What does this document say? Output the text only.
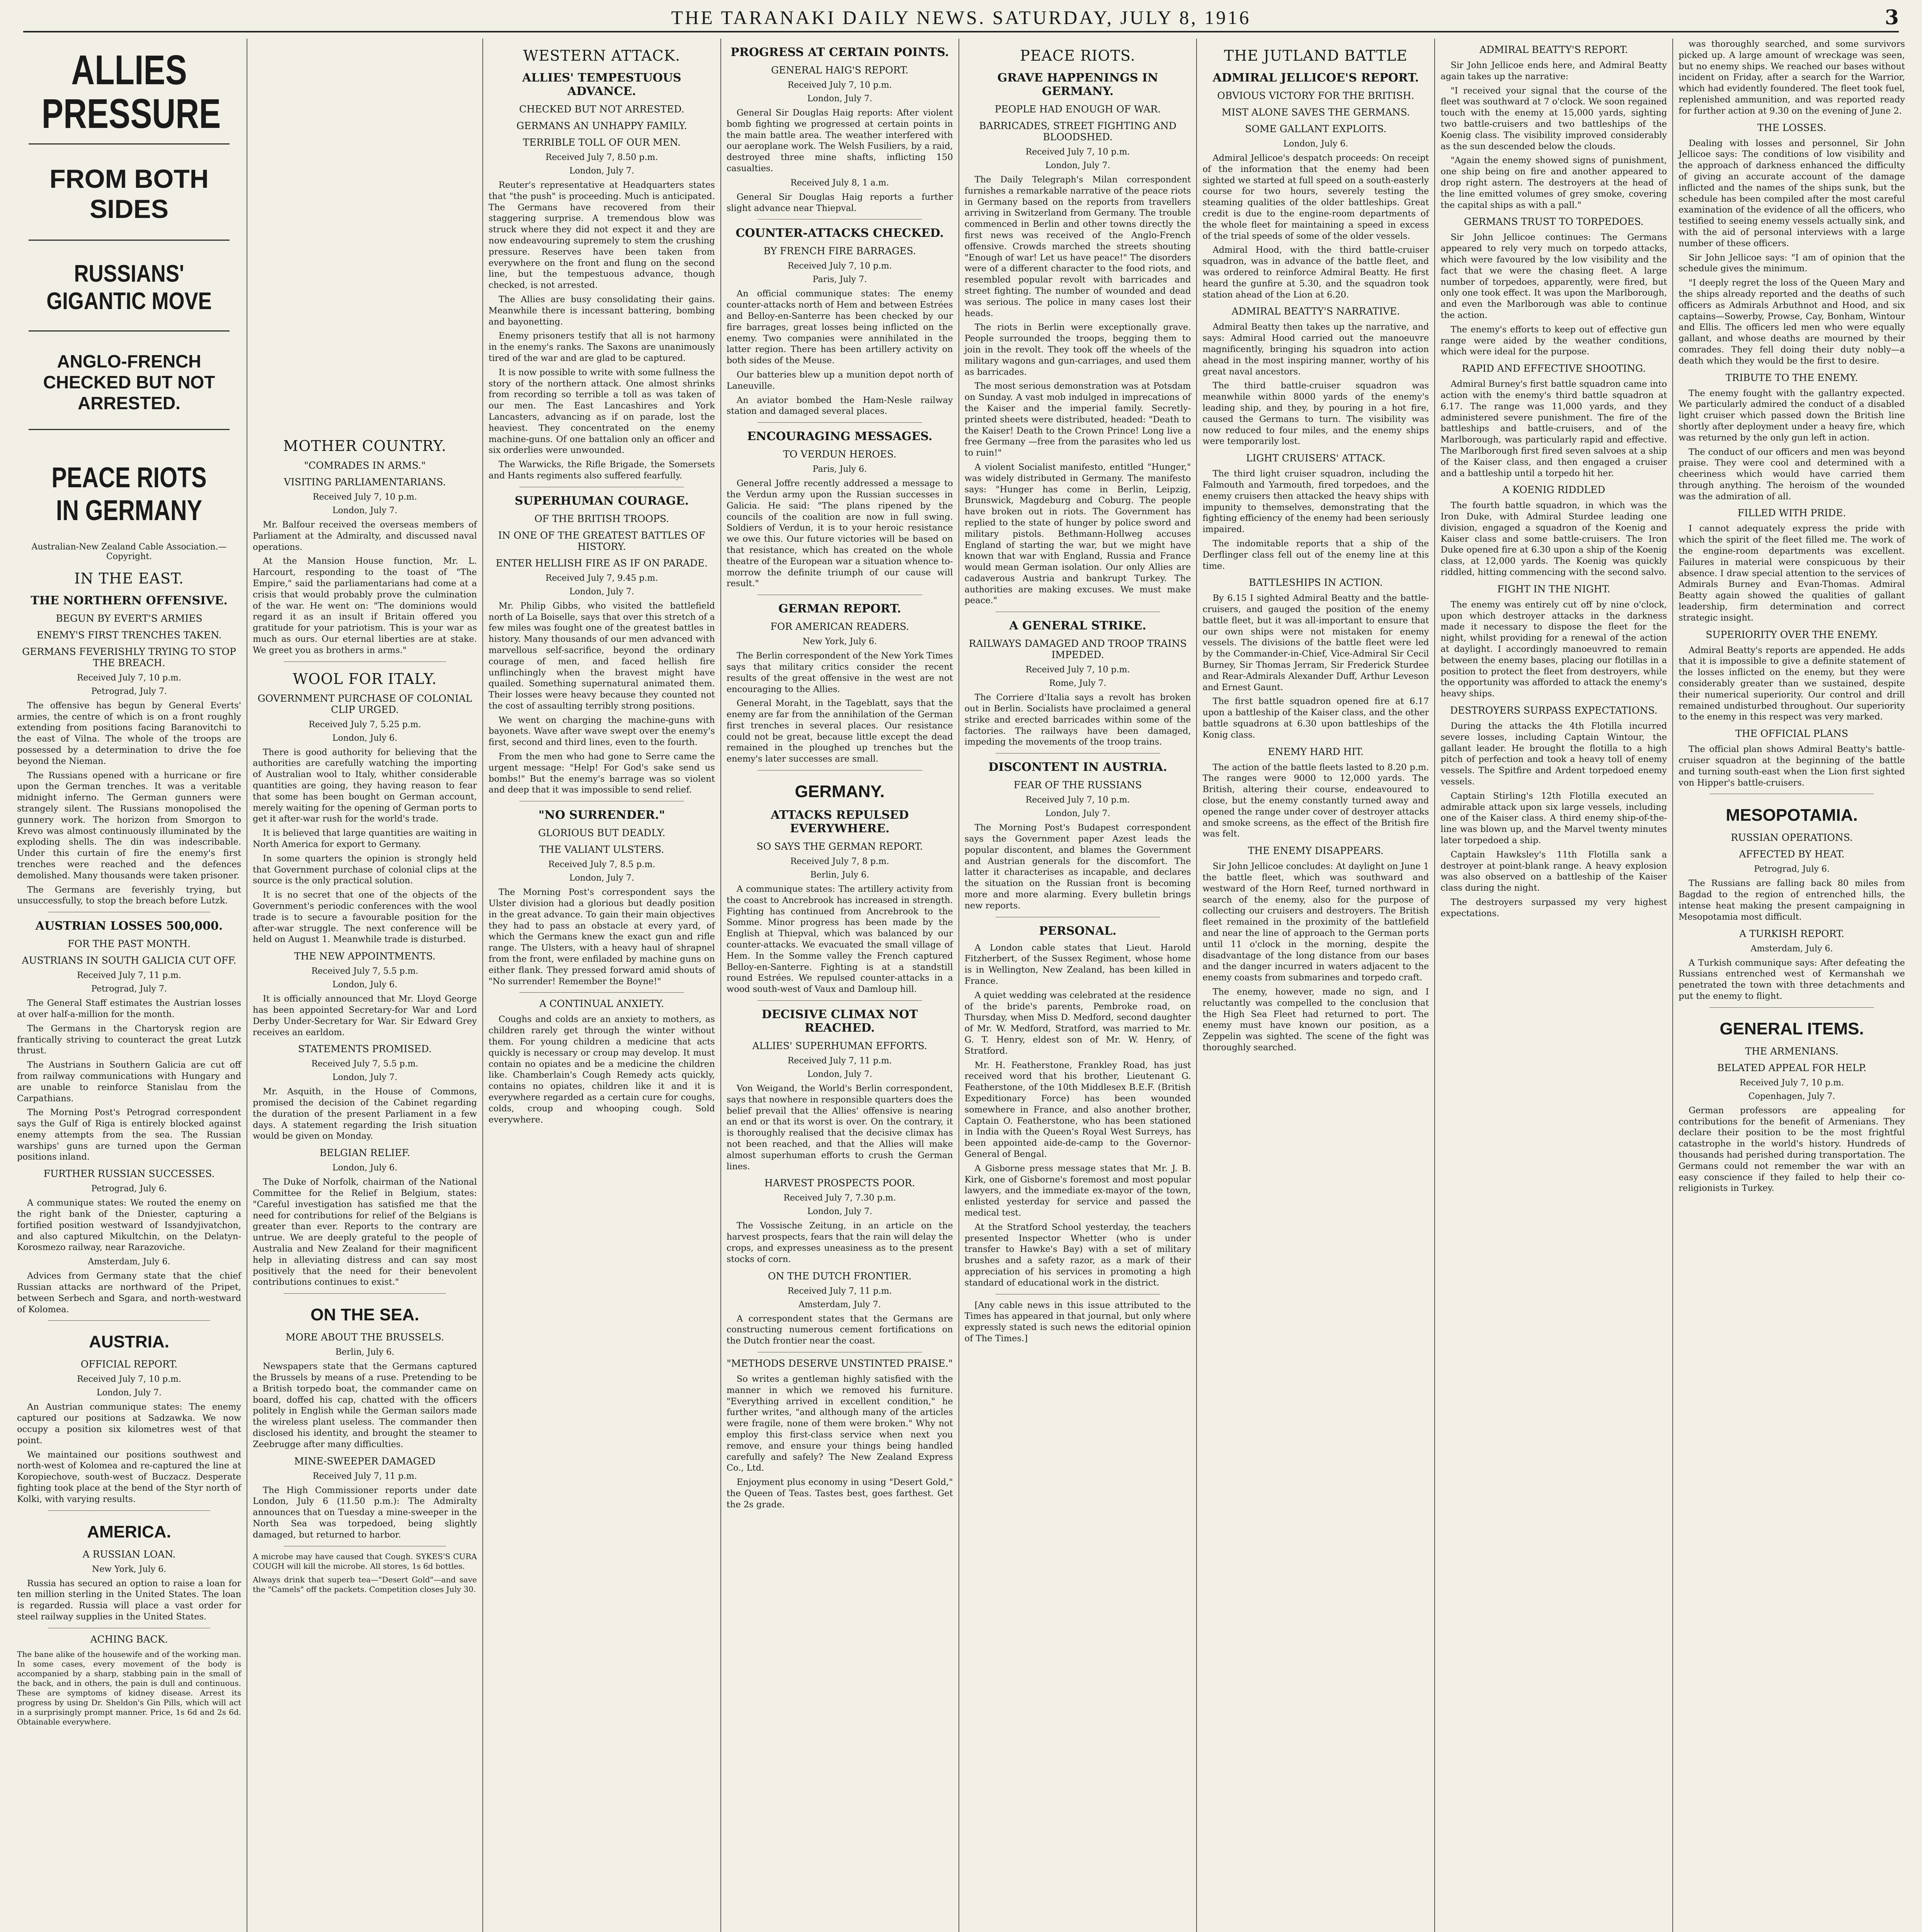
THE TARANAKI DAILY NEWS. SATURDAY, JULY 8, 1916	3
ALLIES PRESSURE
FROM BOTH SIDES
RUSSIANS' GIGANTIC MOVE
ANGLO-FRENCH CHECKED BUT NOT ARRESTED.
PEACE RIOTS IN GERMANY
Australian-New Zealand Cable Association.—Copyright.
IN THE EAST.
THE NORTHERN OFFENSIVE.
BEGUN BY EVERT'S ARMIES
ENEMY'S FIRST TRENCHES TAKEN.
GERMANS FEVERISHLY TRYING TO STOP THE BREACH.
Received July 7, 10 p.m.
Petrograd, July 7.

The offensive has begun by General Everts' armies, the centre of which is on a front roughly extending from positions facing Baranovitchi to the east of Vilna. The whole of the troops are possessed by a determination to drive the foe beyond the Nieman.

The Russians opened with a hurricane or fire upon the German trenches. It was a veritable midnight inferno. The German gunners were strangely silent. The Russians monopolised the gunnery work. The horizon from Smorgon to Krevo was almost continuously illuminated by the exploding shells. The din was indescribable. Under this curtain of fire the enemy's first trenches were reached and the defences demolished. Many thousands were taken prisoner.

The Germans are feverishly trying, but unsuccessfully, to stop the breach before Lutzk.

AUSTRIAN LOSSES 500,000.
FOR THE PAST MONTH.
AUSTRIANS IN SOUTH GALICIA CUT OFF.
Received July 7, 11 p.m.
Petrograd, July 7.

The General Staff estimates the Austrian losses at over half-a-million for the month.

The Germans in the Chartorysk region are frantically striving to counteract the great Lutzk thrust.

The Austrians in Southern Galicia are cut off from railway communications with Hungary and are unable to reinforce Stanislau from the Carpathians.

The Morning Post's Petrograd correspondent says the Gulf of Riga is entirely blocked against enemy attempts from the sea. The Russian warships' guns are turned upon the German positions inland.

FURTHER RUSSIAN SUCCESSES.
Petrograd, July 6.

A communique states: We routed the enemy on the right bank of the Dniester, capturing a fortified position westward of Issandyjivatchon, and also captured Mikultchin, on the Delatyn-Korosmezo railway, near Rarazoviche.

Amsterdam, July 6.

Advices from Germany state that the chief Russian attacks are northward of the Pripet, between Serbech and Sgara, and north-westward of Kolomea.

AUSTRIA.
OFFICIAL REPORT.
Received July 7, 10 p.m.
London, July 7.

An Austrian communique states: The enemy captured our positions at Sadzawka. We now occupy a position six kilometres west of that point.

We maintained our positions southwest and north-west of Kolomea and re-captured the line at Koropiechove, south-west of Buczacz. Desperate fighting took place at the bend of the Styr north of Kolki, with varying results.

AMERICA.
A RUSSIAN LOAN.
New York, July 6.

Russia has secured an option to raise a loan for ten million sterling in the United States. The loan is regarded. Russia will place a vast order for steel railway supplies in the United States.

ACHING BACK.
The bane alike of the housewife and of the working man. In some cases, every movement of the body is accompanied by a sharp, stabbing pain in the small of the back, and in others, the pain is dull and continuous. These are symptoms of kidney disease. Arrest its progress by using Dr. Sheldon's Gin Pills, which will act in a surprisingly prompt manner. Price, 1s 6d and 2s 6d. Obtainable everywhere.
MOTHER COUNTRY.
"COMRADES IN ARMS."
VISITING PARLIAMENTARIANS.
Received July 7, 10 p.m.
London, July 7.

Mr. Balfour received the overseas members of Parliament at the Admiralty, and discussed naval operations.

At the Mansion House function, Mr. L. Harcourt, responding to the toast of "The Empire," said the parliamentarians had come at a crisis that would probably prove the culmination of the war. He went on: "The dominions would regard it as an insult if Britain offered you gratitude for your patriotism. This is your war as much as ours. Our eternal liberties are at stake. We greet you as brothers in arms."

WOOL FOR ITALY.
GOVERNMENT PURCHASE OF COLONIAL CLIP URGED.
Received July 7, 5.25 p.m.
London, July 6.

There is good authority for believing that the authorities are carefully watching the importing of Australian wool to Italy, whither considerable quantities are going, they having reason to fear that some has been bought on German account, merely waiting for the opening of German ports to get it after-war rush for the world's trade.

It is believed that large quantities are waiting in North America for export to Germany.

In some quarters the opinion is strongly held that Government purchase of colonial clips at the source is the only practical solution.

It is no secret that one of the objects of the Government's periodic conferences with the wool trade is to secure a favourable position for the after-war struggle. The next conference will be held on August 1. Meanwhile trade is disturbed.

THE NEW APPOINTMENTS.
Received July 7, 5.5 p.m.
London, July 6.

It is officially announced that Mr. Lloyd George has been appointed Secretary-for War and Lord Derby Under-Secretary for War. Sir Edward Grey receives an earldom.

STATEMENTS PROMISED.
Received July 7, 5.5 p.m.
London, July 7.

Mr. Asquith, in the House of Commons, promised the decision of the Cabinet regarding the duration of the present Parliament in a few days. A statement regarding the Irish situation would be given on Monday.

BELGIAN RELIEF.
London, July 6.

The Duke of Norfolk, chairman of the National Committee for the Relief in Belgium, states: "Careful investigation has satisfied me that the need for contributions for relief of the Belgians is greater than ever. Reports to the contrary are untrue. We are deeply grateful to the people of Australia and New Zealand for their magnificent help in alleviating distress and can say most positively that the need for their benevolent contributions continues to exist."

ON THE SEA.
MORE ABOUT THE BRUSSELS.
Berlin, July 6.

Newspapers state that the Germans captured the Brussels by means of a ruse. Pretending to be a British torpedo boat, the commander came on board, doffed his cap, chatted with the officers politely in English while the German sailors made the wireless plant useless. The commander then disclosed his identity, and brought the steamer to Zeebrugge after many difficulties.

MINE-SWEEPER DAMAGED
Received July 7, 11 p.m.

The High Commissioner reports under date London, July 6 (11.50 p.m.): The Admiralty announces that on Tuesday a mine-sweeper in the North Sea was torpedoed, being slightly damaged, but returned to harbor.

A microbe may have caused that Cough. SYKES'S CURA COUGH will kill the microbe. All stores, 1s 6d bottles.
Always drink that superb tea—"Desert Gold"—and save the "Camels" off the packets. Competition closes July 30.
WESTERN ATTACK.
ALLIES' TEMPESTUOUS ADVANCE.
CHECKED BUT NOT ARRESTED.
GERMANS AN UNHAPPY FAMILY.
TERRIBLE TOLL OF OUR MEN.
Received July 7, 8.50 p.m.
London, July 7.

Reuter's representative at Headquarters states that "the push" is proceeding. Much is anticipated. The Germans have recovered from their staggering surprise. A tremendous blow was struck where they did not expect it and they are now endeavouring supremely to stem the crushing pressure. Reserves have been taken from everywhere on the front and flung on the second line, but the tempestuous advance, though checked, is not arrested.

The Allies are busy consolidating their gains. Meanwhile there is incessant battering, bombing and bayonetting.

Enemy prisoners testify that all is not harmony in the enemy's ranks. The Saxons are unanimously tired of the war and are glad to be captured.

It is now possible to write with some fullness the story of the northern attack. One almost shrinks from recording so terrible a toll as was taken of our men. The East Lancashires and York Lancasters, advancing as if on parade, lost the heaviest. They concentrated on the enemy machine-guns. Of one battalion only an officer and six orderlies were unwounded.

The Warwicks, the Rifle Brigade, the Somersets and Hants regiments also suffered fearfully.

SUPERHUMAN COURAGE.
OF THE BRITISH TROOPS.
IN ONE OF THE GREATEST BATTLES OF HISTORY.
ENTER HELLISH FIRE AS IF ON PARADE.
Received July 7, 9.45 p.m.
London, July 7.

Mr. Philip Gibbs, who visited the battlefield north of La Boiselle, says that over this stretch of a few miles was fought one of the greatest battles in history. Many thousands of our men advanced with marvellous self-sacrifice, beyond the ordinary courage of men, and faced hellish fire unflinchingly when the bravest might have quailed. Something supernatural animated them. Their losses were heavy because they counted not the cost of assaulting terribly strong positions.

We went on charging the machine-guns with bayonets. Wave after wave swept over the enemy's first, second and third lines, even to the fourth.

From the men who had gone to Serre came the urgent message: "Help! For God's sake send us bombs!" But the enemy's barrage was so violent and deep that it was impossible to send relief.

"NO SURRENDER."
GLORIOUS BUT DEADLY.
THE VALIANT ULSTERS.
Received July 7, 8.5 p.m.
London, July 7.

The Morning Post's correspondent says the Ulster division had a glorious but deadly position in the great advance. To gain their main objectives they had to pass an obstacle at every yard, of which the Germans knew the exact gun and rifle range. The Ulsters, with a heavy haul of shrapnel from the front, were enfiladed by machine guns on either flank. They pressed forward amid shouts of "No surrender! Remember the Boyne!"

A CONTINUAL ANXIETY.

Coughs and colds are an anxiety to mothers, as children rarely get through the winter without them. For young children a medicine that acts quickly is necessary or croup may develop. It must contain no opiates and be a medicine the children like. Chamberlain's Cough Remedy acts quickly, contains no opiates, children like it and it is everywhere regarded as a certain cure for coughs, colds, croup and whooping cough. Sold everywhere.

PROGRESS AT CERTAIN POINTS.
GENERAL HAIG'S REPORT.
Received July 7, 10 p.m.
London, July 7.

General Sir Douglas Haig reports: After violent bomb fighting we progressed at certain points in the main battle area. The weather interfered with our aeroplane work. The Welsh Fusiliers, by a raid, destroyed three mine shafts, inflicting 150 casualties.

Received July 8, 1 a.m.

General Sir Douglas Haig reports a further slight advance near Thiepval.

COUNTER-ATTACKS CHECKED.
BY FRENCH FIRE BARRAGES.
Received July 7, 10 p.m.
Paris, July 7.

An official communique states: The enemy counter-attacks north of Hem and between Estrées and Belloy-en-Santerre has been checked by our fire barrages, great losses being inflicted on the enemy. Two companies were annihilated in the latter region. There has been artillery activity on both sides of the Meuse.

Our batteries blew up a munition depot north of Laneuville.

An aviator bombed the Ham-Nesle railway station and damaged several places.

ENCOURAGING MESSAGES.
TO VERDUN HEROES.
Paris, July 6.

General Joffre recently addressed a message to the Verdun army upon the Russian successes in Galicia. He said: "The plans ripened by the councils of the coalition are now in full swing. Soldiers of Verdun, it is to your heroic resistance we owe this. Our future victories will be based on that resistance, which has created on the whole theatre of the European war a situation whence to-morrow the definite triumph of our cause will result."

GERMAN REPORT.
FOR AMERICAN READERS.
New York, July 6.

The Berlin correspondent of the New York Times says that military critics consider the recent results of the great offensive in the west are not encouraging to the Allies.

General Moraht, in the Tageblatt, says that the enemy are far from the annihilation of the German first trenches in several places. Our resistance could not be great, because little except the dead remained in the ploughed up trenches but the enemy's later successes are small.

GERMANY.
ATTACKS REPULSED EVERYWHERE.
SO SAYS THE GERMAN REPORT.
Received July 7, 8 p.m.
Berlin, July 6.

A communique states: The artillery activity from the coast to Ancrebrook has increased in strength. Fighting has continued from Ancrebrook to the Somme. Minor progress has been made by the English at Thiepval, which was balanced by our counter-attacks. We evacuated the small village of Hem. In the Somme valley the French captured Belloy-en-Santerre. Fighting is at a standstill round Estrées. We repulsed counter-attacks in a wood south-west of Vaux and Damloup hill.

DECISIVE CLIMAX NOT REACHED.
ALLIES' SUPERHUMAN EFFORTS.
Received July 7, 11 p.m.
London, July 7.

Von Weigand, the World's Berlin correspondent, says that nowhere in responsible quarters does the belief prevail that the Allies' offensive is nearing an end or that its worst is over. On the contrary, it is thoroughly realised that the decisive climax has not been reached, and that the Allies will make almost superhuman efforts to crush the German lines.

HARVEST PROSPECTS POOR.
Received July 7, 7.30 p.m.
London, July 7.

The Vossische Zeitung, in an article on the harvest prospects, fears that the rain will delay the crops, and expresses uneasiness as to the present stocks of corn.

ON THE DUTCH FRONTIER.
Received July 7, 11 p.m.
Amsterdam, July 7.

A correspondent states that the Germans are constructing numerous cement fortifications on the Dutch frontier near the coast.

"METHODS DESERVE UNSTINTED PRAISE."

So writes a gentleman highly satisfied with the manner in which we removed his furniture. "Everything arrived in excellent condition," he further writes, "and although many of the articles were fragile, none of them were broken." Why not employ this first-class service when next you remove, and ensure your things being handled carefully and safely? The New Zealand Express Co., Ltd.

Enjoyment plus economy in using "Desert Gold," the Queen of Teas. Tastes best, goes farthest. Get the 2s grade.

PEACE RIOTS.
GRAVE HAPPENINGS IN GERMANY.
PEOPLE HAD ENOUGH OF WAR.
BARRICADES, STREET FIGHTING AND BLOODSHED.
Received July 7, 10 p.m.
London, July 7.

The Daily Telegraph's Milan correspondent furnishes a remarkable narrative of the peace riots in Germany based on the reports from travellers arriving in Switzerland from Germany. The trouble commenced in Berlin and other towns directly the first news was received of the Anglo-French offensive. Crowds marched the streets shouting "Enough of war! Let us have peace!" The disorders were of a different character to the food riots, and resembled popular revolt with barricades and street fighting. The number of wounded and dead was serious. The police in many cases lost their heads.

The riots in Berlin were exceptionally grave. People surrounded the troops, begging them to join in the revolt. They took off the wheels of the military wagons and gun-carriages, and used them as barricades.

The most serious demonstration was at Potsdam on Sunday. A vast mob indulged in imprecations of the Kaiser and the imperial family. Secretly-printed sheets were distributed, headed: "Death to the Kaiser! Death to the Crown Prince! Long live a free Germany —free from the parasites who led us to ruin!"

A violent Socialist manifesto, entitled "Hunger," was widely distributed in Germany. The manifesto says: "Hunger has come in Berlin, Leipzig, Brunswick, Magdeburg and Coburg. The people have broken out in riots. The Government has replied to the state of hunger by police sword and military pistols. Bethmann-Hollweg accuses England of starting the war, but we might have known that war with England, Russia and France would mean German isolation. Our only Allies are cadaverous Austria and bankrupt Turkey. The authorities are making excuses. We must make peace."

A GENERAL STRIKE.
RAILWAYS DAMAGED AND TROOP TRAINS IMPEDED.
Received July 7, 10 p.m.
Rome, July 7.

The Corriere d'Italia says a revolt has broken out in Berlin. Socialists have proclaimed a general strike and erected barricades within some of the factories. The railways have been damaged, impeding the movements of the troop trains.

DISCONTENT IN AUSTRIA.
FEAR OF THE RUSSIANS
Received July 7, 10 p.m.
London, July 7.

The Morning Post's Budapest correspondent says the Government paper Azest leads the popular discontent, and blames the Government and Austrian generals for the discomfort. The latter it characterises as incapable, and declares the situation on the Russian front is becoming more and more alarming. Every bulletin brings new reports.

PERSONAL.

A London cable states that Lieut. Harold Fitzherbert, of the Sussex Regiment, whose home is in Wellington, New Zealand, has been killed in France.

A quiet wedding was celebrated at the residence of the bride's parents, Pembroke road, on Thursday, when Miss D. Medford, second daughter of Mr. W. Medford, Stratford, was married to Mr. G. T. Henry, eldest son of Mr. W. Henry, of Stratford.

Mr. H. Featherstone, Frankley Road, has just received word that his brother, Lieutenant G. Featherstone, of the 10th Middlesex B.E.F. (British Expeditionary Force) has been wounded somewhere in France, and also another brother, Captain O. Featherstone, who has been stationed in India with the Queen's Royal West Surreys, has been appointed aide-de-camp to the Governor-General of Bengal.

A Gisborne press message states that Mr. J. B. Kirk, one of Gisborne's foremost and most popular lawyers, and the immediate ex-mayor of the town, enlisted yesterday for service and passed the medical test.

At the Stratford School yesterday, the teachers presented Inspector Whetter (who is under transfer to Hawke's Bay) with a set of military brushes and a safety razor, as a mark of their appreciation of his services in promoting a high standard of educational work in the district.

[Any cable news in this issue attributed to the Times has appeared in that journal, but only where expressly stated is such news the editorial opinion of The Times.]

THE JUTLAND BATTLE
ADMIRAL JELLICOE'S REPORT.
OBVIOUS VICTORY FOR THE BRITISH.
MIST ALONE SAVES THE GERMANS.
SOME GALLANT EXPLOITS.
London, July 6.

Admiral Jellicoe's despatch proceeds: On receipt of the information that the enemy had been sighted we started at full speed on a south-easterly course for two hours, severely testing the steaming qualities of the older battleships. Great credit is due to the engine-room departments of the whole fleet for maintaining a speed in excess of the trial speeds of some of the older vessels.

Admiral Hood, with the third battle-cruiser squadron, was in advance of the battle fleet, and was ordered to reinforce Admiral Beatty. He first heard the gunfire at 5.30, and the squadron took station ahead of the Lion at 6.20.

ADMIRAL BEATTY'S NARRATIVE.

Admiral Beatty then takes up the narrative, and says: Admiral Hood carried out the manoeuvre magnificently, bringing his squadron into action ahead in the most inspiring manner, worthy of his great naval ancestors.

The third battle-cruiser squadron was meanwhile within 8000 yards of the enemy's leading ship, and they, by pouring in a hot fire, caused the Germans to turn. The visibility was now reduced to four miles, and the enemy ships were temporarily lost.

LIGHT CRUISERS' ATTACK.

The third light cruiser squadron, including the Falmouth and Yarmouth, fired torpedoes, and the enemy cruisers then attacked the heavy ships with impunity to themselves, demonstrating that the fighting efficiency of the enemy had been seriously impaired.

The indomitable reports that a ship of the Derflinger class fell out of the enemy line at this time.

BATTLESHIPS IN ACTION.

By 6.15 I sighted Admiral Beatty and the battle-cruisers, and gauged the position of the enemy battle fleet, but it was all-important to ensure that our own ships were not mistaken for enemy vessels. The divisions of the battle fleet were led by the Commander-in-Chief, Vice-Admiral Sir Cecil Burney, Sir Thomas Jerram, Sir Frederick Sturdee and Rear-Admirals Alexander Duff, Arthur Leveson and Ernest Gaunt.

The first battle squadron opened fire at 6.17 upon a battleship of the Kaiser class, and the other battle squadrons at 6.30 upon battleships of the Konig class.

ENEMY HARD HIT.

The action of the battle fleets lasted to 8.20 p.m. The ranges were 9000 to 12,000 yards. The British, altering their course, endeavoured to close, but the enemy constantly turned away and opened the range under cover of destroyer attacks and smoke screens, as the effect of the British fire was felt.

THE ENEMY DISAPPEARS.

Sir John Jellicoe concludes: At daylight on June 1 the battle fleet, which was southward and westward of the Horn Reef, turned northward in search of the enemy, also for the purpose of collecting our cruisers and destroyers. The British fleet remained in the proximity of the battlefield and near the line of approach to the German ports until 11 o'clock in the morning, despite the disadvantage of the long distance from our bases and the danger incurred in waters adjacent to the enemy coasts from submarines and torpedo craft.

The enemy, however, made no sign, and I reluctantly was compelled to the conclusion that the High Sea Fleet had returned to port. The enemy must have known our position, as a Zeppelin was sighted. The scene of the fight was thoroughly searched.

ADMIRAL BEATTY'S REPORT.

Sir John Jellicoe ends here, and Admiral Beatty again takes up the narrative:

"I received your signal that the course of the fleet was southward at 7 o'clock. We soon regained touch with the enemy at 15,000 yards, sighting two battle-cruisers and two battleships of the Koenig class. The visibility improved considerably as the sun descended below the clouds.

"Again the enemy showed signs of punishment, one ship being on fire and another appeared to drop right astern. The destroyers at the head of the line emitted volumes of grey smoke, covering the capital ships as with a pall."

GERMANS TRUST TO TORPEDOES.

Sir John Jellicoe continues: The Germans appeared to rely very much on torpedo attacks, which were favoured by the low visibility and the fact that we were the chasing fleet. A large number of torpedoes, apparently, were fired, but only one took effect. It was upon the Marlborough, and even the Marlborough was able to continue the action.

The enemy's efforts to keep out of effective gun range were aided by the weather conditions, which were ideal for the purpose.

RAPID AND EFFECTIVE SHOOTING.

Admiral Burney's first battle squadron came into action with the enemy's third battle squadron at 6.17. The range was 11,000 yards, and they administered severe punishment. The fire of the battleships and battle-cruisers, and of the Marlborough, was particularly rapid and effective. The Marlborough first fired seven salvoes at a ship of the Kaiser class, and then engaged a cruiser and a battleship until a torpedo hit her.

A KOENIG RIDDLED

The fourth battle squadron, in which was the Iron Duke, with Admiral Sturdee leading one division, engaged a squadron of the Koenig and Kaiser class and some battle-cruisers. The Iron Duke opened fire at 6.30 upon a ship of the Koenig class, at 12,000 yards. The Koenig was quickly riddled, hitting commencing with the second salvo.

FIGHT IN THE NIGHT.

The enemy was entirely cut off by nine o'clock, upon which destroyer attacks in the darkness made it necessary to dispose the fleet for the night, whilst providing for a renewal of the action at daylight. I accordingly manoeuvred to remain between the enemy bases, placing our flotillas in a position to protect the fleet from destroyers, while the opportunity was afforded to attack the enemy's heavy ships.

DESTROYERS SURPASS EXPECTATIONS.

During the attacks the 4th Flotilla incurred severe losses, including Captain Wintour, the gallant leader. He brought the flotilla to a high pitch of perfection and took a heavy toll of enemy vessels. The Spitfire and Ardent torpedoed enemy vessels.

Captain Stirling's 12th Flotilla executed an admirable attack upon six large vessels, including one of the Kaiser class. A third enemy ship-of-the-line was blown up, and the Marvel twenty minutes later torpedoed a ship.

Captain Hawksley's 11th Flotilla sank a destroyer at point-blank range. A heavy explosion was also observed on a battleship of the Kaiser class during the night.

The destroyers surpassed my very highest expectations.

was thoroughly searched, and some survivors picked up. A large amount of wreckage was seen, but no enemy ships. We reached our bases without incident on Friday, after a search for the Warrior, which had evidently foundered. The fleet took fuel, replenished ammunition, and was reported ready for further action at 9.30 on the evening of June 2.

THE LOSSES.

Dealing with losses and personnel, Sir John Jellicoe says: The conditions of low visibility and the approach of darkness enhanced the difficulty of giving an accurate account of the damage inflicted and the names of the ships sunk, but the schedule has been compiled after the most careful examination of the evidence of all the officers, who testified to seeing enemy vessels actually sink, and with the aid of personal interviews with a large number of these officers.

Sir John Jellicoe says: "I am of opinion that the schedule gives the minimum.

"I deeply regret the loss of the Queen Mary and the ships already reported and the deaths of such officers as Admirals Arbuthnot and Hood, and six captains—Sowerby, Prowse, Cay, Bonham, Wintour and Ellis. The officers led men who were equally gallant, and whose deaths are mourned by their comrades. They fell doing their duty nobly—a death which they would be the first to desire.

TRIBUTE TO THE ENEMY.

The enemy fought with the gallantry expected. We particularly admired the conduct of a disabled light cruiser which passed down the British line shortly after deployment under a heavy fire, which was returned by the only gun left in action.

The conduct of our officers and men was beyond praise. They were cool and determined with a cheeriness which would have carried them through anything. The heroism of the wounded was the admiration of all.

FILLED WITH PRIDE.

I cannot adequately express the pride with which the spirit of the fleet filled me. The work of the engine-room departments was excellent. Failures in material were conspicuous by their absence. I draw special attention to the services of Admirals Burney and Evan-Thomas. Admiral Beatty again showed the qualities of gallant leadership, firm determination and correct strategic insight.

SUPERIORITY OVER THE ENEMY.

Admiral Beatty's reports are appended. He adds that it is impossible to give a definite statement of the losses inflicted on the enemy, but they were considerably greater than we sustained, despite their numerical superiority. Our control and drill remained undisturbed throughout. Our superiority to the enemy in this respect was very marked.

THE OFFICIAL PLANS

The official plan shows Admiral Beatty's battle-cruiser squadron at the beginning of the battle and turning south-east when the Lion first sighted von Hipper's battle-cruisers.

MESOPOTAMIA.
RUSSIAN OPERATIONS.
AFFECTED BY HEAT.
Petrograd, July 6.

The Russians are falling back 80 miles from Bagdad to the region of entrenched hills, the intense heat making the present campaigning in Mesopotamia most difficult.

A TURKISH REPORT.
Amsterdam, July 6.

A Turkish communique says: After defeating the Russians entrenched west of Kermanshah we penetrated the town with three detachments and put the enemy to flight.

GENERAL ITEMS.
THE ARMENIANS.
BELATED APPEAL FOR HELP.
Received July 7, 10 p.m.
Copenhagen, July 7.

German professors are appealing for contributions for the benefit of Armenians. They declare their position to be the most frightful catastrophe in the world's history. Hundreds of thousands had perished during transportation. The Germans could not remember the war with an easy conscience if they failed to help their co-religionists in Turkey.
